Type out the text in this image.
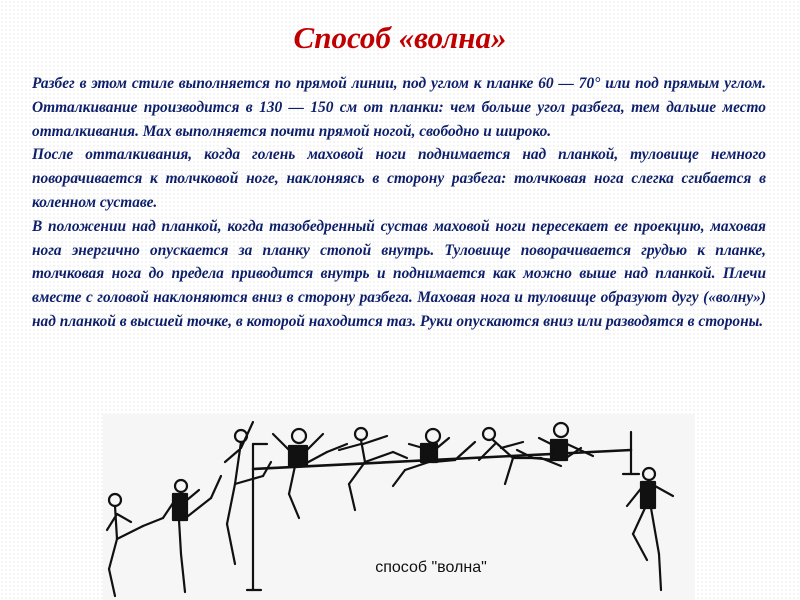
Способ «волна»

Разбег в этом стиле выполняется по прямой линии, под углом к планке 60 — 70° или под прямым углом. Отталкивание производится в 130 — 150 см от планки: чем больше угол разбега, тем дальше место отталкивания. Мах выполняется почти прямой ногой, свободно и широко.

После отталкивания, когда голень маховой ноги поднимается над планкой, туловище немного поворачивается к толчковой ноге, наклоняясь в сторону разбега: толчковая нога слегка сгибается в коленном суставе.

В положении над планкой, когда тазобедренный сустав маховой ноги пересекает ее проекцию, маховая нога энергично опускается за планку стопой внутрь. Туловище поворачивается грудью к планке, толчковая нога до предела приводится внутрь и поднимается как можно выше над планкой. Плечи вместе с головой наклоняются вниз в сторону разбега. Маховая нога и туловище образуют дугу («волну») над планкой в высшей точке, в которой находится таз. Руки опускаются вниз или разводятся в стороны.

способ "волна"
